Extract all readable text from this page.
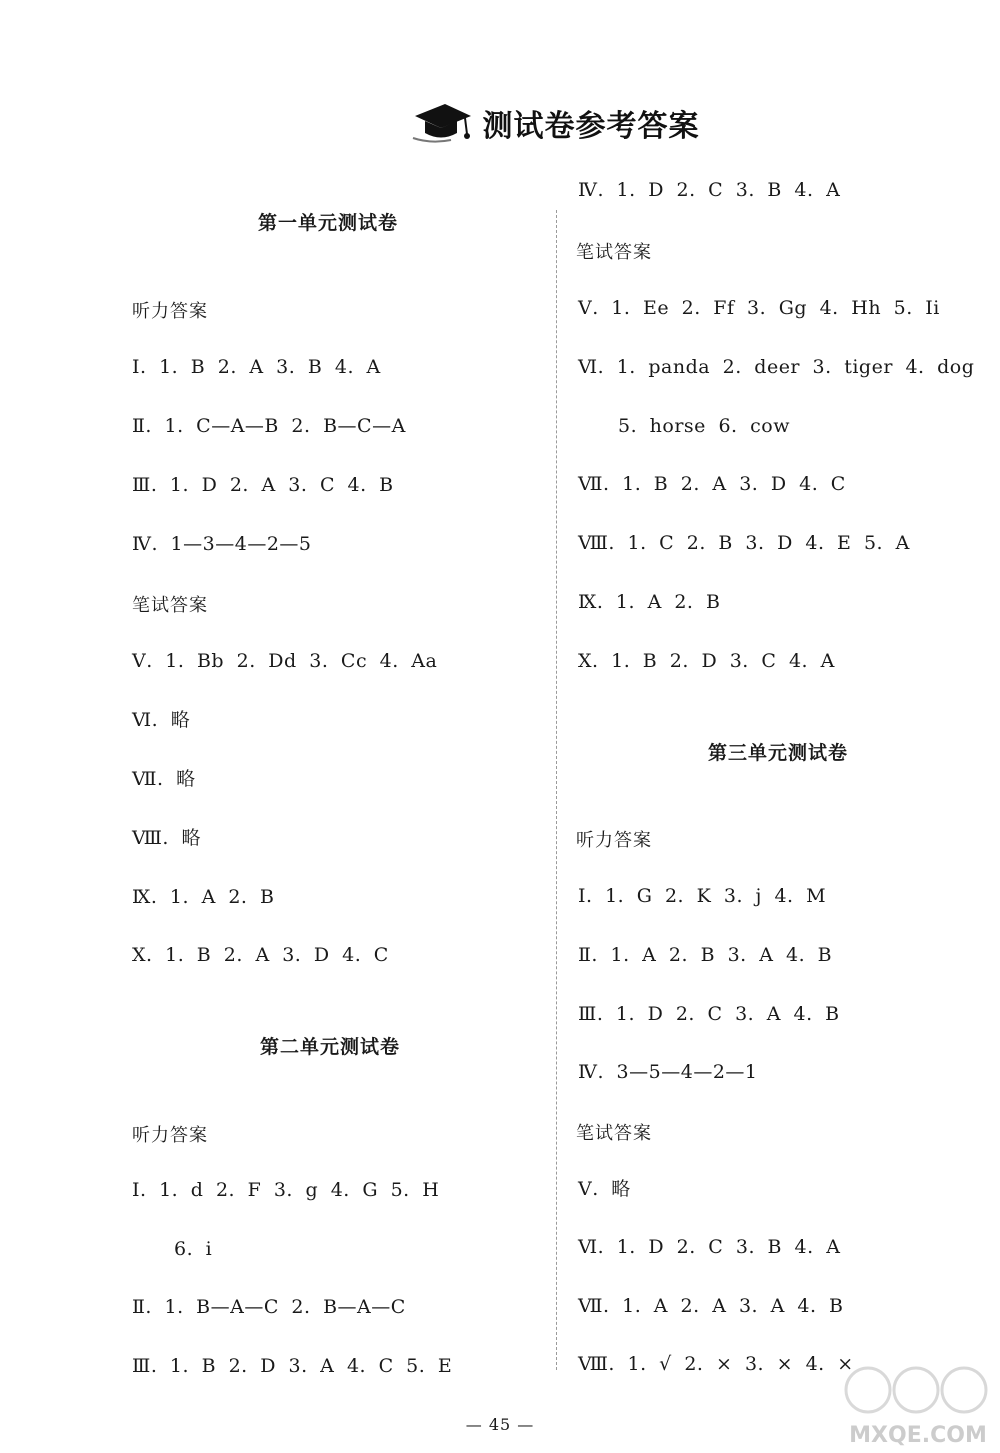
测试卷参考答案
第一单元测试卷
听力答案
Ⅰ. 1. B 2. A 3. B 4. A
Ⅱ. 1. C—A—B 2. B—C—A
Ⅲ. 1. D 2. A 3. C 4. B
Ⅳ. 1—3—4—2—5
笔试答案
Ⅴ. 1. Bb 2. Dd 3. Cc 4. Aa
Ⅵ. 略
Ⅶ. 略
Ⅷ. 略
Ⅸ. 1. A 2. B
Ⅹ. 1. B 2. A 3. D 4. C
第二单元测试卷
听力答案
Ⅰ. 1. d 2. F 3. g 4. G 5. H
6. i
Ⅱ. 1. B—A—C 2. B—A—C
Ⅲ. 1. B 2. D 3. A 4. C 5. E
Ⅳ. 1. D 2. C 3. B 4. A
笔试答案
Ⅴ. 1. Ee 2. Ff 3. Gg 4. Hh 5. Ii
Ⅵ. 1. panda 2. deer 3. tiger 4. dog
5. horse 6. cow
Ⅶ. 1. B 2. A 3. D 4. C
Ⅷ. 1. C 2. B 3. D 4. E 5. A
Ⅸ. 1. A 2. B
Ⅹ. 1. B 2. D 3. C 4. A
第三单元测试卷
听力答案
Ⅰ. 1. G 2. K 3. j 4. M
Ⅱ. 1. A 2. B 3. A 4. B
Ⅲ. 1. D 2. C 3. A 4. B
Ⅳ. 3—5—4—2—1
笔试答案
Ⅴ. 略
Ⅵ. 1. D 2. C 3. B 4. A
Ⅶ. 1. A 2. A 3. A 4. B
Ⅷ. 1. √ 2. × 3. × 4. ×
— 45 —	MXQE.COM
